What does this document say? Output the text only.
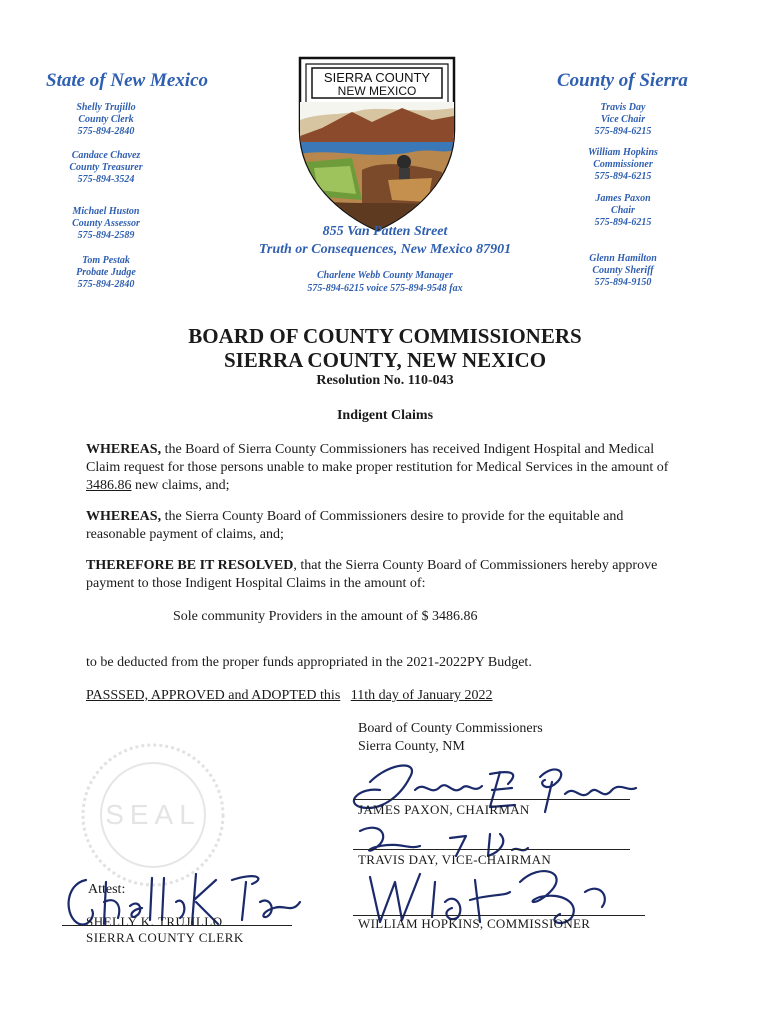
State of New Mexico	County of Sierra
Shelly Trujillo
County Clerk
575-894-2840
Candace Chavez
County Treasurer
575-894-3524
Michael Huston
County Assessor
575-894-2589
Tom Pestak
Probate Judge
575-894-2840
Travis Day
Vice Chair
575-894-6215
William Hopkins
Commissioner
575-894-6215
James Paxon
Chair
575-894-6215
Glenn Hamilton
County Sheriff
575-894-9150
SIERRA COUNTY
NEW MEXICO
855 Van Patten Street
Truth or Consequences, New Mexico 87901
Charlene Webb County Manager
575-894-6215 voice 575-894-9548 fax
BOARD OF COUNTY COMMISSIONERS
SIERRA COUNTY, NEW NEXICO
Resolution No. 110-043
Indigent Claims
WHEREAS, the Board of Sierra County Commissioners has received Indigent Hospital and Medical
Claim request for those persons unable to make proper restitution for Medical Services in the amount of
3486.86 new claims, and;
WHEREAS, the Sierra County Board of Commissioners desire to provide for the equitable and
reasonable payment of claims, and;
THEREFORE BE IT RESOLVED, that the Sierra County Board of Commissioners hereby approve
payment to those Indigent Hospital Claims in the amount of:
Sole community Providers in the amount of $ 3486.86
to be deducted from the proper funds appropriated in the 2021-2022PY Budget.
PASSSED, APPROVED and ADOPTED this 11th day of January 2022
Board of County Commissioners
Sierra County, NM
SEAL	JAMES PAXON, CHAIRMAN
TRAVIS DAY, VICE-CHAIRMAN
WILLIAM HOPKINS, COMMISSIONER
Attest:
SHELLY K. TRUJILLO
SIERRA COUNTY CLERK
